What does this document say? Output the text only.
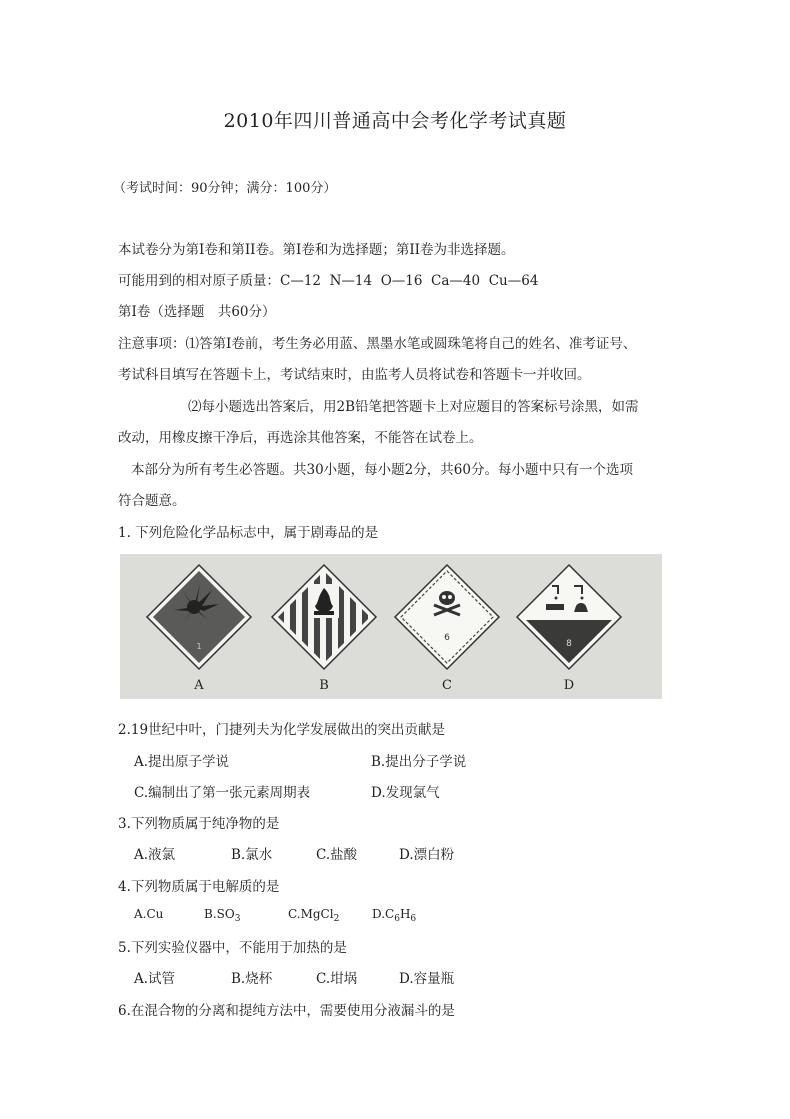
2010年四川普通高中会考化学考试真题
（考试时间：90分钟；满分：100分）
本试卷分为第I卷和第II卷。第I卷和为选择题；第II卷为非选择题。
可能用到的相对原子质量：C—12 N—14 O—16 Ca—40 Cu—64
第I卷（选择题　共60分）
注意事项：⑴答第I卷前，考生务必用蓝、黑墨水笔或圆珠笔将自己的姓名、准考证号、
考试科目填写在答题卡上，考试结束时，由监考人员将试卷和答题卡一并收回。
⑵每小题选出答案后，用2B铅笔把答题卡上对应题目的答案标号涂黑，如需
改动，用橡皮擦干净后，再选涂其他答案，不能答在试卷上。
本部分为所有考生必答题。共30小题，每小题2分，共60分。每小题中只有一个选项
符合题意。
1. 下列危险化学品标志中，属于剧毒品的是
1
6
8
A	B	C	D
2.19世纪中叶，门捷列夫为化学发展做出的突出贡献是
A.提出原子学说	B.提出分子学说
C.编制出了第一张元素周期表	D.发现氯气
3.下列物质属于纯净物的是
A.液氯	B.氯水	C.盐酸	D.漂白粉
4.下列物质属于电解质的是
A.Cu	$B.SO_3$	C.MgCl$_2$	$D.C_6H_6$
5.下列实验仪器中，不能用于加热的是
A.试管	B.烧杯	C.坩埚	D.容量瓶
6.在混合物的分离和提纯方法中，需要使用分液漏斗的是
